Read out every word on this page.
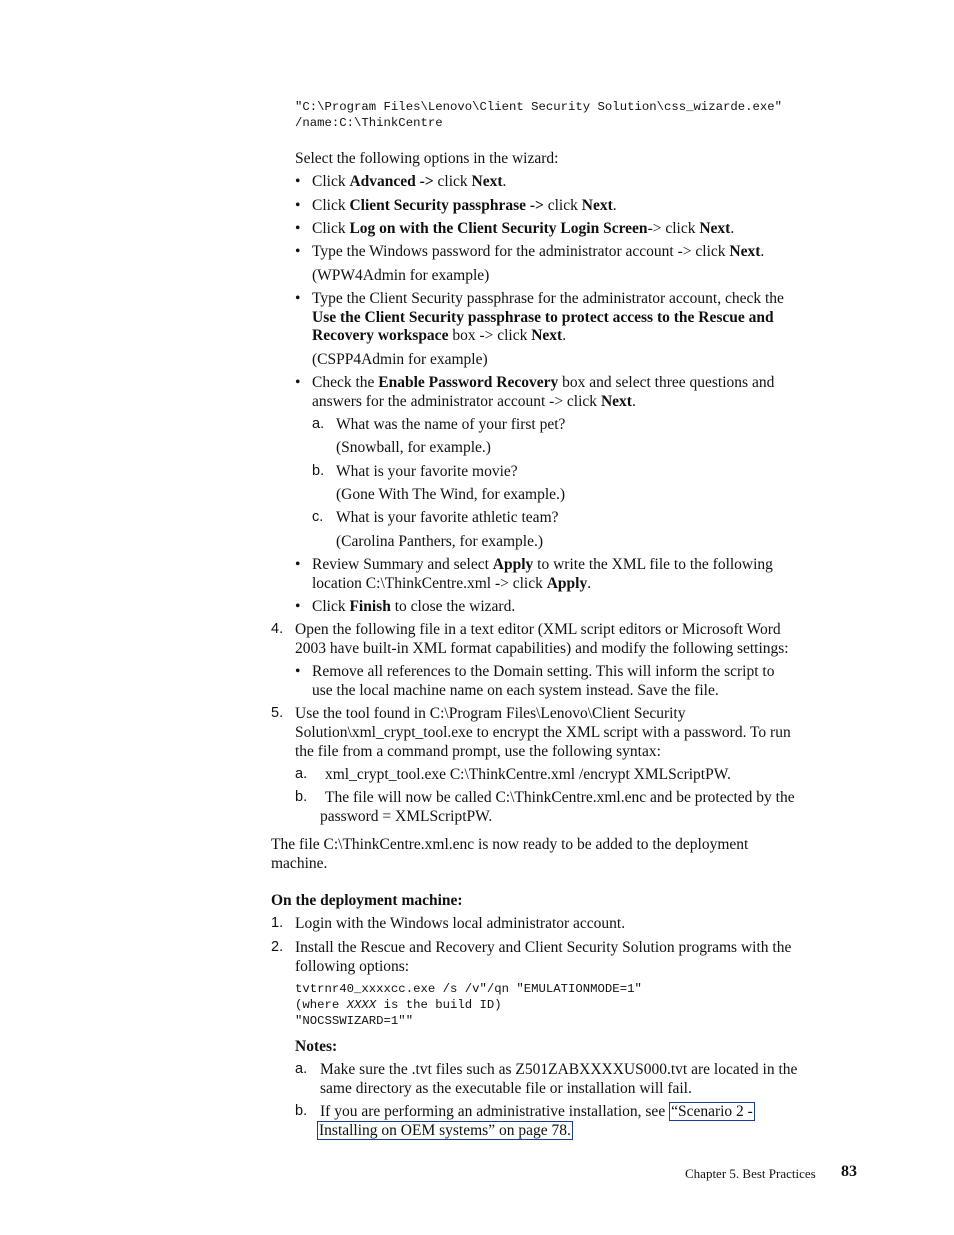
"C:\Program Files\Lenovo\Client Security Solution\css_wizarde.exe"
/name:C:\ThinkCentre
Select the following options in the wizard:
• Click Advanced -> click Next.
• Click Client Security passphrase -> click Next.
• Click Log on with the Client Security Login Screen-> click Next.
• Type the Windows password for the administrator account -> click Next.
(WPW4Admin for example)
• Type the Client Security passphrase for the administrator account, check the
Use the Client Security passphrase to protect access to the Rescue and
Recovery workspace box -> click Next.
(CSPP4Admin for example)
• Check the Enable Password Recovery box and select three questions and
answers for the administrator account -> click Next.
a. What was the name of your first pet?
(Snowball, for example.)
b. What is your favorite movie?
(Gone With The Wind, for example.)
c. What is your favorite athletic team?
(Carolina Panthers, for example.)
• Review Summary and select Apply to write the XML file to the following
location C:\ThinkCentre.xml -> click Apply.
• Click Finish to close the wizard.
4. Open the following file in a text editor (XML script editors or Microsoft Word
2003 have built-in XML format capabilities) and modify the following settings:
• Remove all references to the Domain setting. This will inform the script to
use the local machine name on each system instead. Save the file.
5. Use the tool found in C:\Program Files\Lenovo\Client Security
Solution\xml_crypt_tool.exe to encrypt the XML script with a password. To run
the file from a command prompt, use the following syntax:
a. xml_crypt_tool.exe C:\ThinkCentre.xml /encrypt XMLScriptPW.
b. The file will now be called C:\ThinkCentre.xml.enc and be protected by the
password = XMLScriptPW.
The file C:\ThinkCentre.xml.enc is now ready to be added to the deployment
machine.
On the deployment machine:
1. Login with the Windows local administrator account.
2. Install the Rescue and Recovery and Client Security Solution programs with the
following options:
tvtrnr40_xxxxcc.exe /s /v"/qn "EMULATIONMODE=1"
(where XXXX is the build ID)
"NOCSSWIZARD=1""
Notes:
a. Make sure the .tvt files such as Z501ZABXXXXUS000.tvt are located in the
same directory as the executable file or installation will fail.
b. If you are performing an administrative installation, see “Scenario 2 -
Installing on OEM systems” on page 78.
Chapter 5. Best Practices 83
